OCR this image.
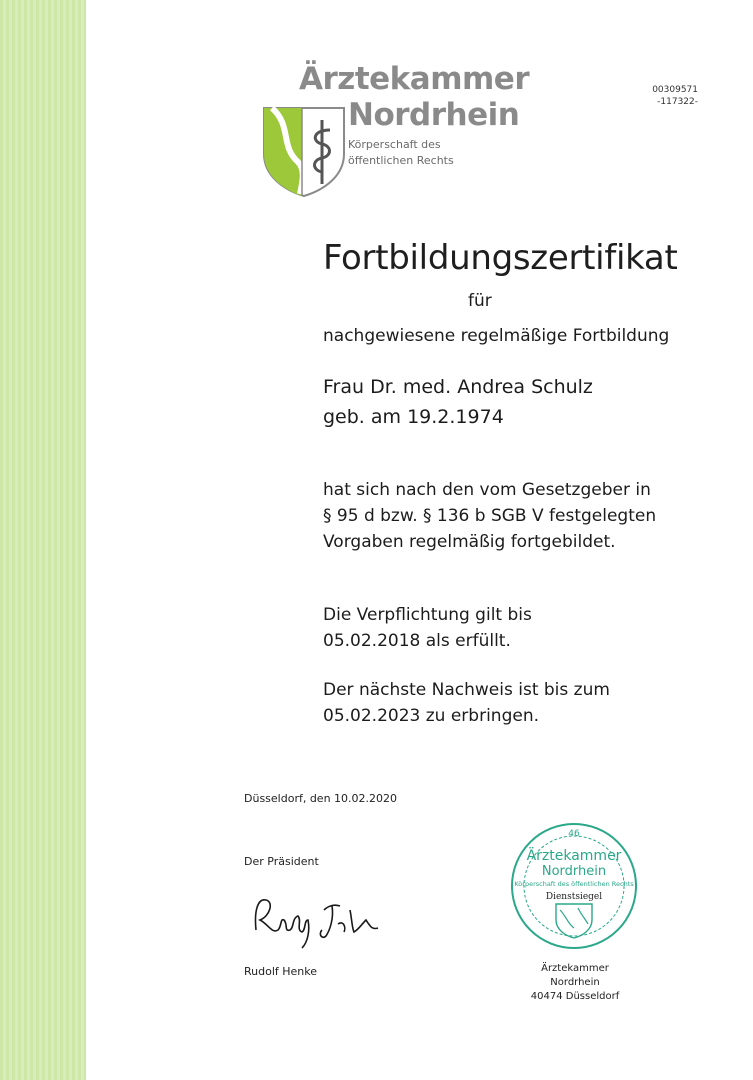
Ärztekammer
Nordrhein
Körperschaft des
öffentlichen Rechts
00309571
-117322-
Fortbildungszertifikat
für
nachgewiesene regelmäßige Fortbildung
Frau Dr. med. Andrea Schulz
geb. am 19.2.1974
hat sich nach den vom Gesetzgeber in
§ 95 d bzw. § 136 b SGB V festgelegten
Vorgaben regelmäßig fortgebildet.
Die Verpflichtung gilt bis
05.02.2018 als erfüllt.
Der nächste Nachweis ist bis zum
05.02.2023 zu erbringen.
Düsseldorf, den 10.02.2020
Der Präsident
Rudolf Henke
46
Ärztekammer
Nordrhein
Körperschaft des öffentlichen Rechts
Dienstsiegel
Ärztekammer Nordrhein
40474 Düsseldorf
